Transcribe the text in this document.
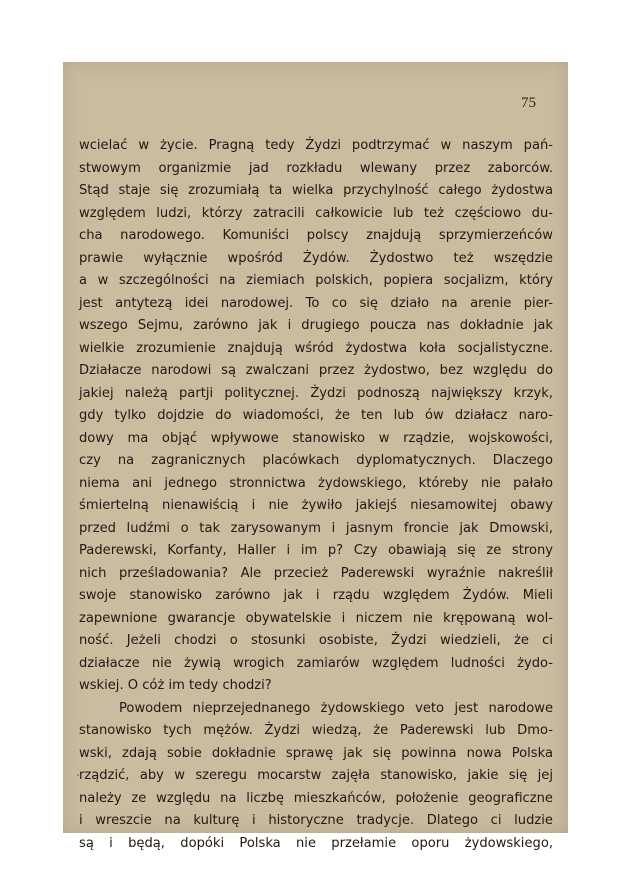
75
wcielać w życie. Pragną tedy Żydzi podtrzymać w naszym pań-
stwowym organizmie jad rozkładu wlewany przez zaborców.
Stąd staje się zrozumiałą ta wielka przychylność całego żydostwa
względem ludzi, którzy zatracili całkowicie lub też częściowo du-
cha narodowego. Komuniści polscy znajdują sprzymierzeńców
prawie wyłącznie wpośród Żydów. Żydostwo też wszędzie
a w szczególności na ziemiach polskich, popiera socjalizm, który
jest antytezą idei narodowej. To co się działo na arenie pier-
wszego Sejmu, zarówno jak i drugiego poucza nas dokładnie jak
wielkie zrozumienie znajdują wśród żydostwa koła socjalistyczne.
Działacze narodowi są zwalczani przez żydostwo, bez względu do
jakiej należą partji politycznej. Żydzi podnoszą największy krzyk,
gdy tylko dojdzie do wiadomości, że ten lub ów działacz naro-
dowy ma objąć wpływowe stanowisko w rządzie, wojskowości,
czy na zagranicznych placówkach dyplomatycznych. Dlaczego
niema ani jednego stronnictwa żydowskiego, któreby nie pałało
śmiertelną nienawiścią i nie żywiło jakiejś niesamowitej obawy
przed ludźmi o tak zarysowanym i jasnym froncie jak Dmowski,
Paderewski, Korfanty, Haller i im p? Czy obawiają się ze strony
nich prześladowania? Ale przecież Paderewski wyraźnie nakreślił
swoje stanowisko zarówno jak i rządu względem Żydów. Mieli
zapewnione gwarancje obywatelskie i niczem nie krępowaną wol-
ność. Jeżeli chodzi o stosunki osobiste, Żydzi wiedzieli, że ci
działacze nie żywią wrogich zamiarów względem ludności żydo-
wskiej. O cóż im tedy chodzi?
Powodem nieprzejednanego żydowskiego veto jest narodowe
stanowisko tych mężów. Żydzi wiedzą, że Paderewski lub Dmo-
wski, zdają sobie dokładnie sprawę jak się powinna nowa Polska
rządzić, aby w szeregu mocarstw zajęła stanowisko, jakie się jej
należy ze względu na liczbę mieszkańców, położenie geograficzne
i wreszcie na kulturę i historyczne tradycje. Dlatego ci ludzie
są i będą, dopóki Polska nie przełamie oporu żydowskiego,
